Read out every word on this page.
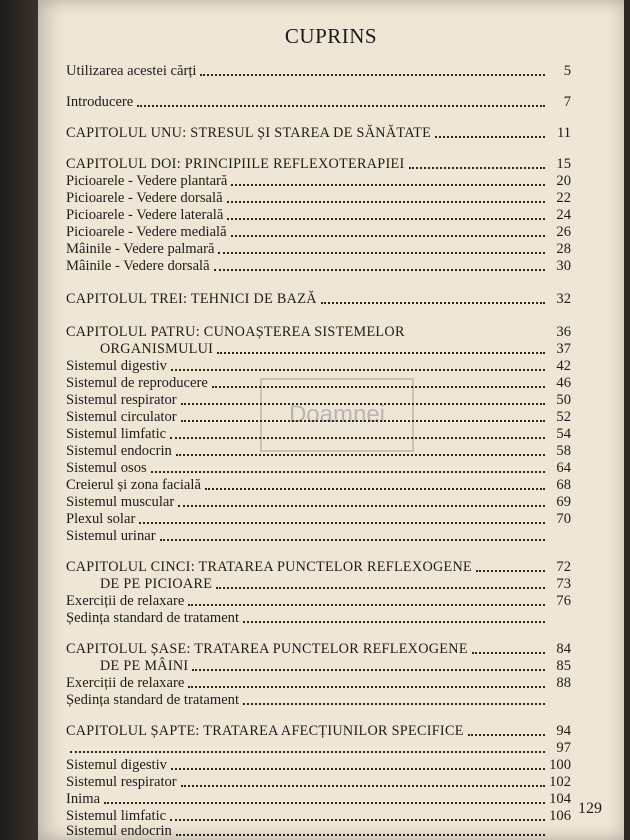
CUPRINS
Doamnei
Utilizarea acestei cărți	5
Introducere	7
CAPITOLUL UNU: STRESUL ȘI STAREA DE SĂNĂTATE	11
CAPITOLUL DOI: PRINCIPIILE REFLEXOTERAPIEI	15
Picioarele - Vedere plantară	20
Picioarele - Vedere dorsală	22
Picioarele - Vedere laterală	24
Picioarele - Vedere medială	26
Mâinile - Vedere palmară	28
Mâinile - Vedere dorsală	30
CAPITOLUL TREI: TEHNICI DE BAZĂ	32
CAPITOLUL PATRU: CUNOAȘTEREA SISTEMELOR	36
ORGANISMULUI	37
Sistemul digestiv	42
Sistemul de reproducere	46
Sistemul respirator	50
Sistemul circulator	52
Sistemul limfatic	54
Sistemul endocrin	58
Sistemul osos	64
Creierul și zona facială	68
Sistemul muscular	69
Plexul solar	70
Sistemul urinar
CAPITOLUL CINCI: TRATAREA PUNCTELOR REFLEXOGENE	72
DE PE PICIOARE	73
Exerciții de relaxare	76
Ședința standard de tratament
CAPITOLUL ȘASE: TRATAREA PUNCTELOR REFLEXOGENE	84
DE PE MÂINI	85
Exerciții de relaxare	88
Ședința standard de tratament
CAPITOLUL ȘAPTE: TRATAREA AFECȚIUNILOR SPECIFICE	94
97
Sistemul digestiv	100
Sistemul respirator	102
Inima	104
Sistemul limfatic	106
Sistemul endocrin
129
